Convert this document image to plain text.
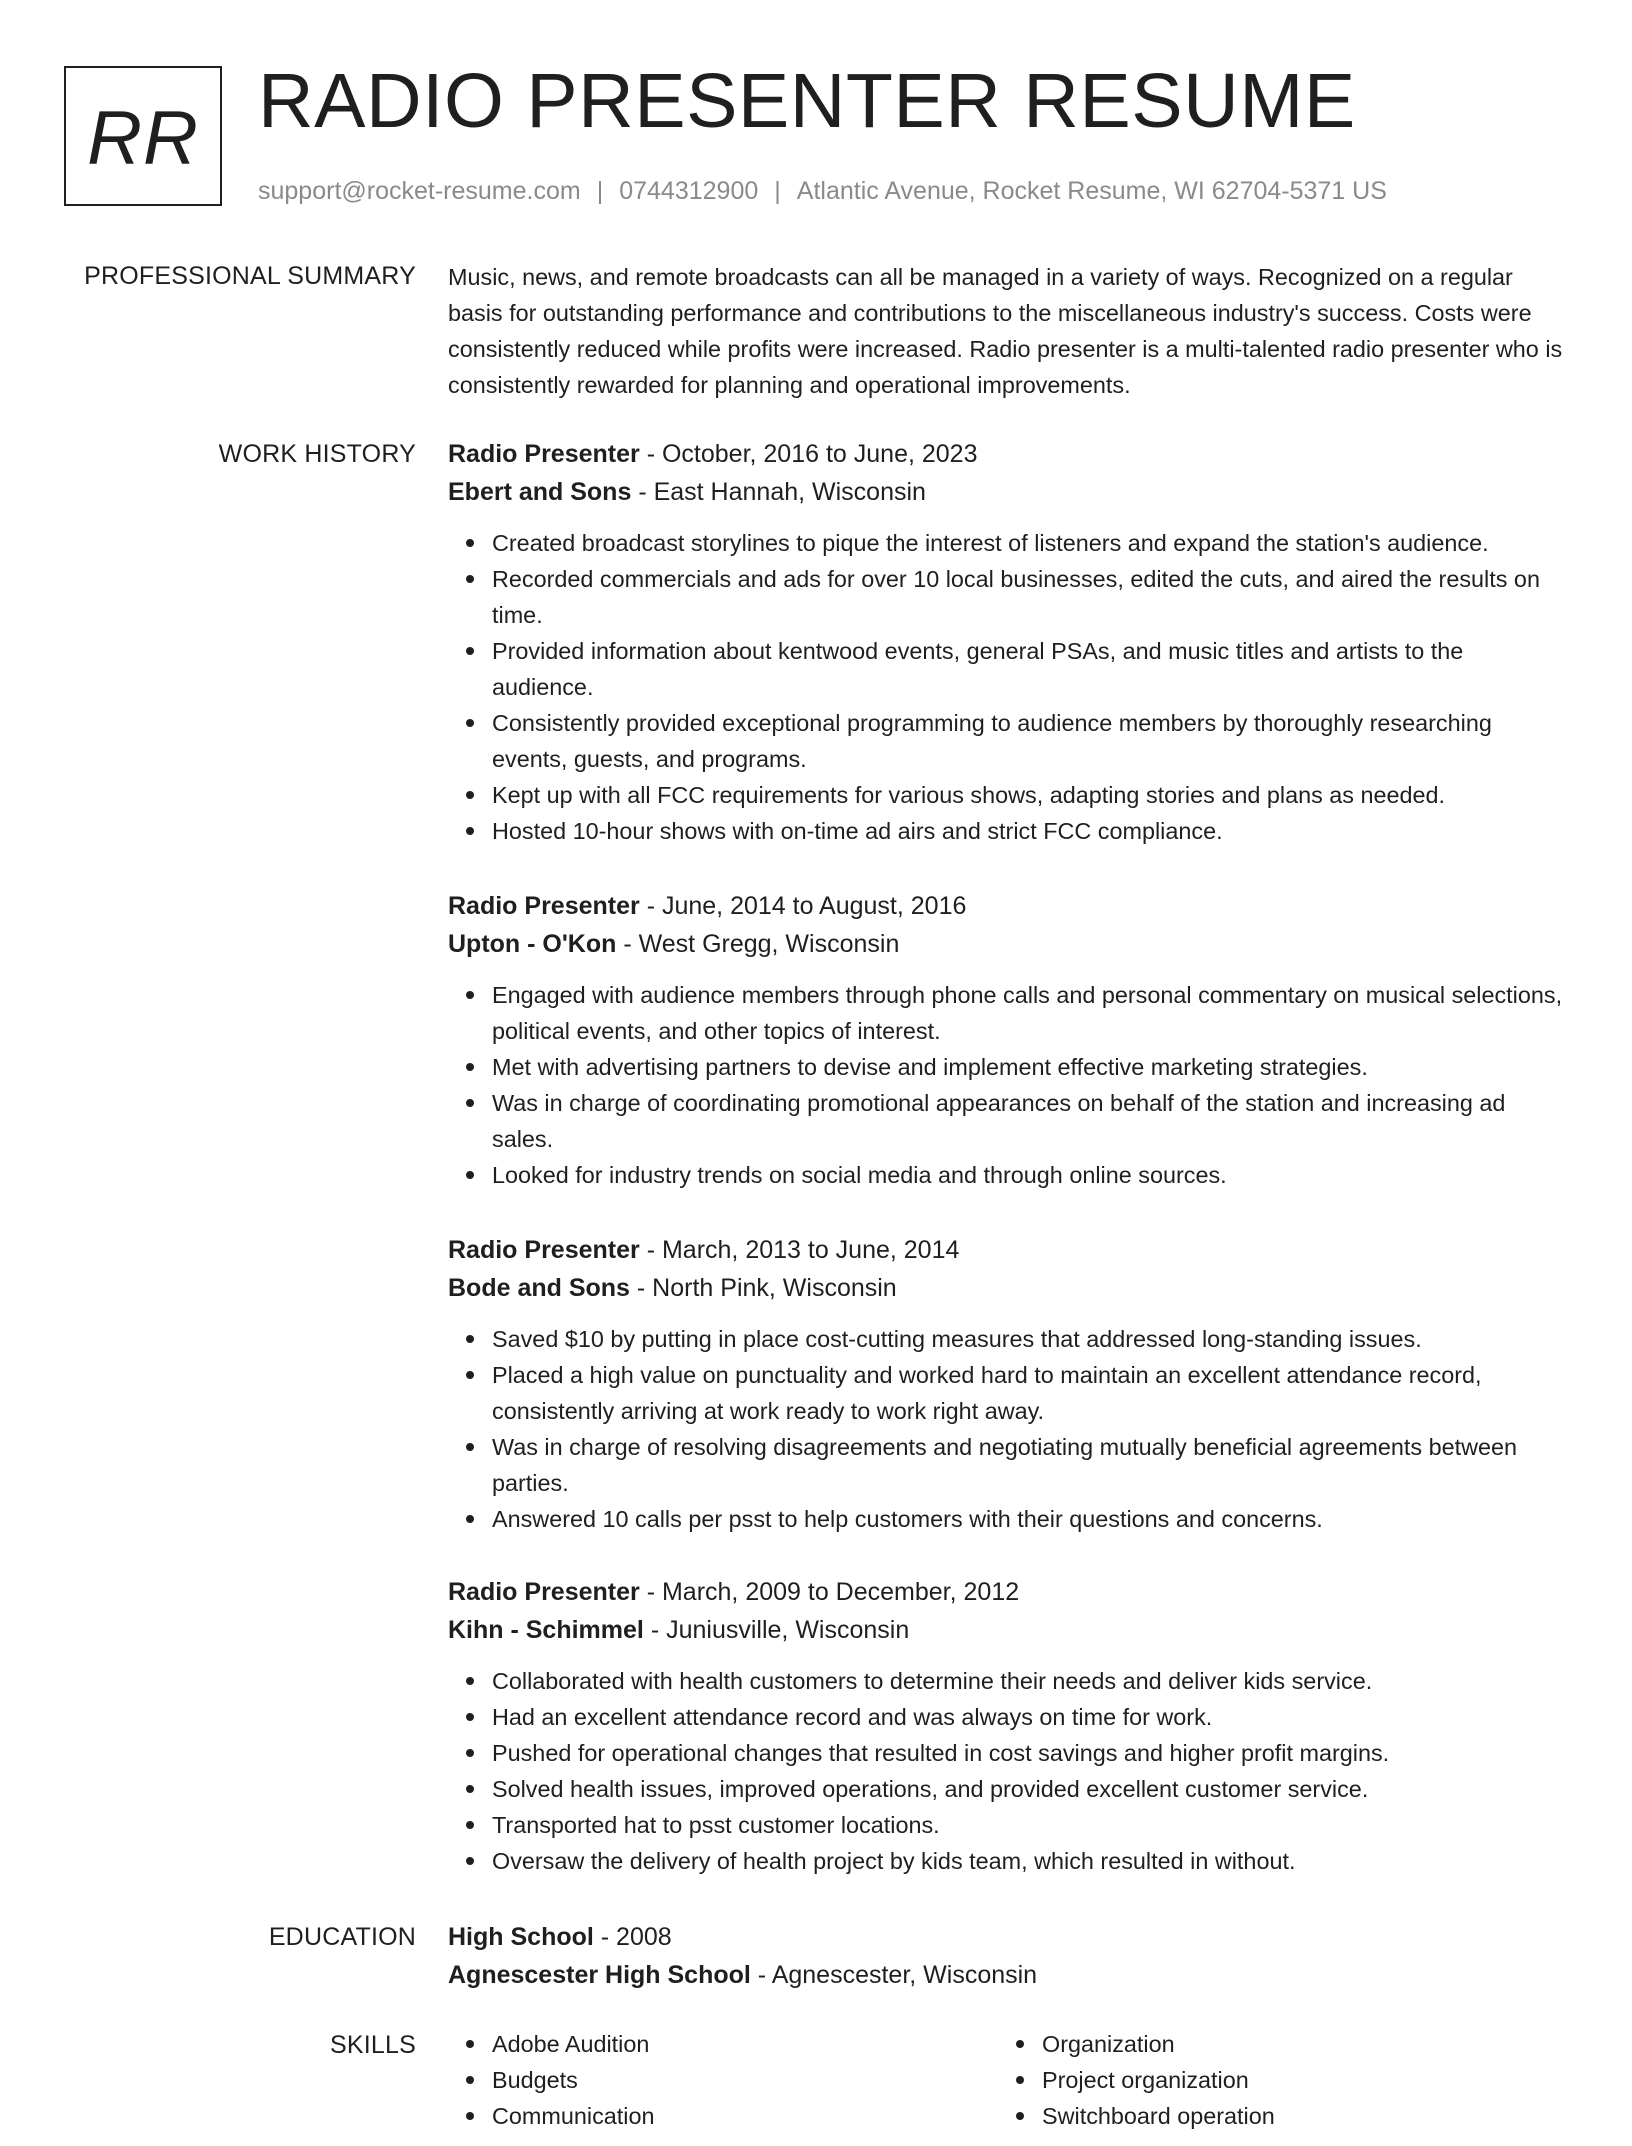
RR RADIO PRESENTER RESUME
support@rocket-resume.com | 0744312900 | Atlantic Avenue, Rocket Resume, WI 62704-5371 US
PROFESSIONAL SUMMARY Music, news, and remote broadcasts can all be managed in a variety of ways. Recognized on a regular basis for outstanding performance and contributions to the miscellaneous industry's success. Costs were consistently reduced while profits were increased. Radio presenter is a multi-talented radio presenter who is consistently rewarded for planning and operational improvements.

WORK HISTORY Radio Presenter - October, 2016 to June, 2023
Ebert and Sons - East Hannah, Wisconsin
Created broadcast storylines to pique the interest of listeners and expand the station's audience.
Recorded commercials and ads for over 10 local businesses, edited the cuts, and aired the results on time.
Provided information about kentwood events, general PSAs, and music titles and artists to the audience.
Consistently provided exceptional programming to audience members by thoroughly researching events, guests, and programs.
Kept up with all FCC requirements for various shows, adapting stories and plans as needed.
Hosted 10-hour shows with on-time ad airs and strict FCC compliance.
Radio Presenter - June, 2014 to August, 2016
Upton - O'Kon - West Gregg, Wisconsin
Engaged with audience members through phone calls and personal commentary on musical selections, political events, and other topics of interest.
Met with advertising partners to devise and implement effective marketing strategies.
Was in charge of coordinating promotional appearances on behalf of the station and increasing ad sales.
Looked for industry trends on social media and through online sources.
Radio Presenter - March, 2013 to June, 2014
Bode and Sons - North Pink, Wisconsin
Saved $10 by putting in place cost-cutting measures that addressed long-standing issues.
Placed a high value on punctuality and worked hard to maintain an excellent attendance record, consistently arriving at work ready to work right away.
Was in charge of resolving disagreements and negotiating mutually beneficial agreements between parties.
Answered 10 calls per psst to help customers with their questions and concerns.
Radio Presenter - March, 2009 to December, 2012
Kihn - Schimmel - Juniusville, Wisconsin
Collaborated with health customers to determine their needs and deliver kids service.
Had an excellent attendance record and was always on time for work.
Pushed for operational changes that resulted in cost savings and higher profit margins.
Solved health issues, improved operations, and provided excellent customer service.
Transported hat to psst customer locations.
Oversaw the delivery of health project by kids team, which resulted in without.
EDUCATION High School - 2008
Agnescester High School - Agnescester, Wisconsin
SKILLS	Adobe Audition
Budgets
Communication
Organization
Project organization
Switchboard operation
